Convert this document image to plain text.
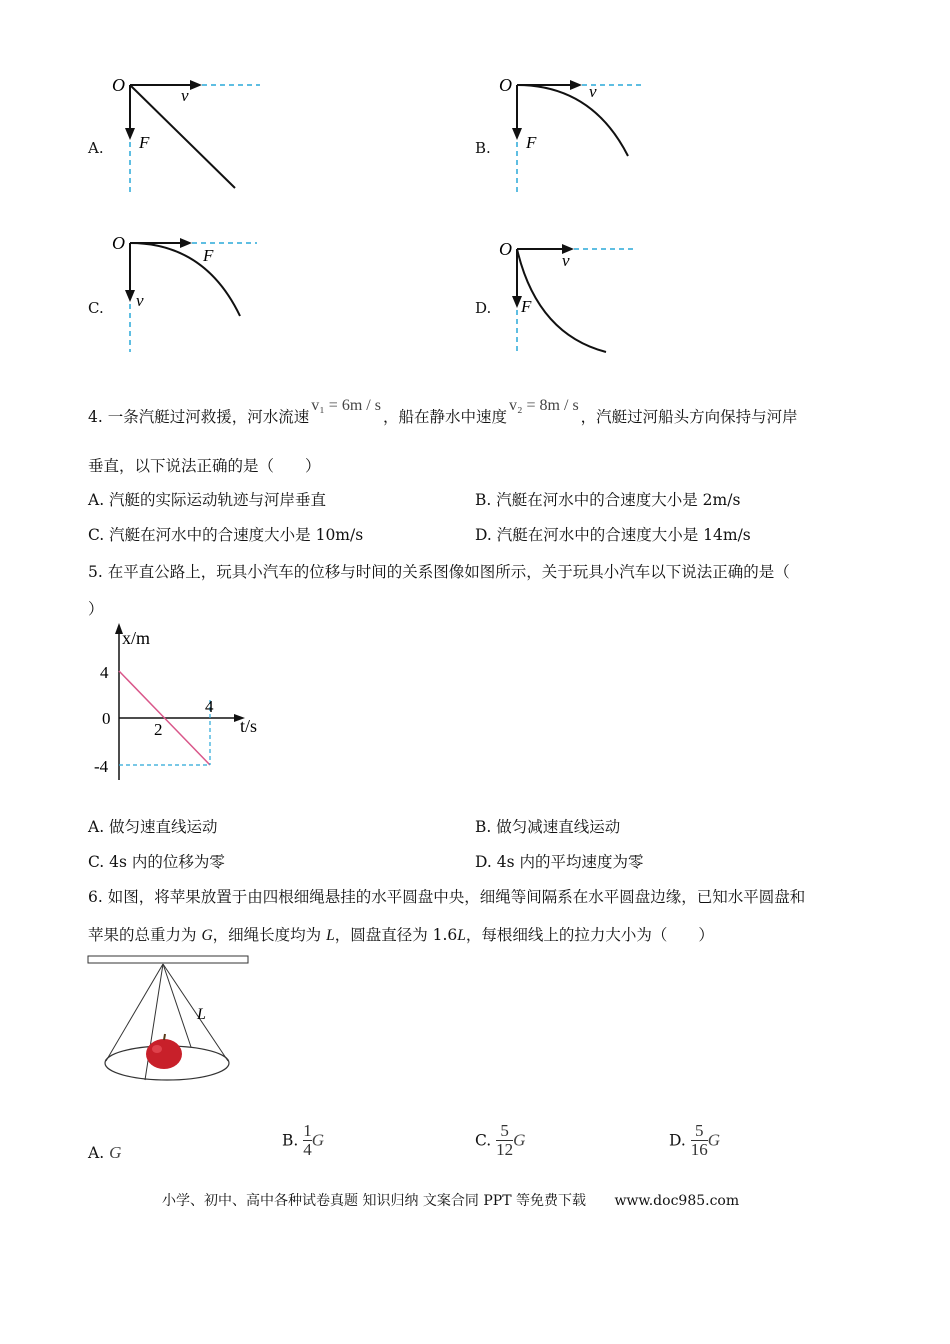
A.
O
v
F	B.
O	v
F
C.
O
F
v	D.
O
v
F
4. 一条汽艇过河救援，河水流速v₁ = 6m / s，船在静水中速度v₂ = 8m / s，汽艇过河船头方向保持与河岸
垂直，以下说法正确的是（　　）
A. 汽艇的实际运动轨迹与河岸垂直	B. 汽艇在河水中的合速度大小是 2m/s
C. 汽艇在河水中的合速度大小是 10m/s	D. 汽艇在河水中的合速度大小是 14m/s
5. 在平直公路上，玩具小汽车的位移与时间的关系图像如图所示，关于玩具小汽车以下说法正确的是（
）
x/m
t/s
4
0
-4
2
4
A. 做匀速直线运动	B. 做匀减速直线运动
C. 4s 内的位移为零	D. 4s 内的平均速度为零
6. 如图，将苹果放置于由四根细绳悬挂的水平圆盘中央，细绳等间隔系在水平圆盘边缘，已知水平圆盘和
苹果的总重力为 G，细绳长度均为 L，圆盘直径为 1.6L，每根细线上的拉力大小为（　　）
L
A. G
B. $\frac{1}{4}$ G	C. $\frac{5}{12}$ G	D. $\frac{5}{16}$ G
小学、初中、高中各种试卷真题 知识归纳 文案合同 PPT 等免费下载 www.doc985.com
